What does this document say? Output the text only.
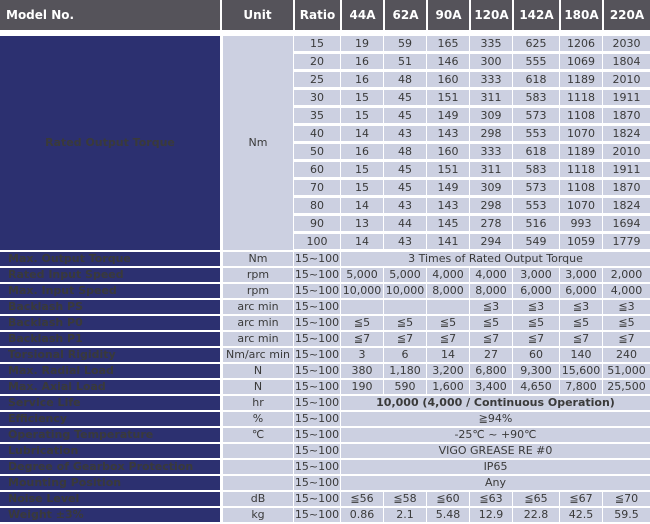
Model No.	Unit	Ratio	44A	62A	90A	120A	142A	180A	220A

Rated Output Torque	Nm	15	19	59	165	335	625	1206	2030
		20	16	51	146	300	555	1069	1804
		25	16	48	160	333	618	1189	2010
		30	15	45	151	311	583	1118	1911
		35	15	45	149	309	573	1108	1870
		40	14	43	143	298	553	1070	1824
		50	16	48	160	333	618	1189	2010
		60	15	45	151	311	583	1118	1911
		70	15	45	149	309	573	1108	1870
		80	14	43	143	298	553	1070	1824
		90	13	44	145	278	516	993	1694
		100	14	43	141	294	549	1059	1779
Max. Output Torque	Nm	15~100	3 Times of Rated Output Torque						
Rated Input Speed	rpm	15~100	5,000	5,000	4,000	4,000	3,000	3,000	2,000
Max. Input Speed	rpm	15~100	10,000	10,000	8,000	8,000	6,000	6,000	4,000
Backlash PS	arc min	15~100				≦3	≦3	≦3	≦3
Backlash P0	arc min	15~100	≦5	≦5	≦5	≦5	≦5	≦5	≦5
Backlash P1	arc min	15~100	≦7	≦7	≦7	≦7	≦7	≦7	≦7
Torsional Rigidity	Nm/arc min	15~100	3	6	14	27	60	140	240
Max. Radial Load	N	15~100	380	1,180	3,200	6,800	9,300	15,600	51,000
Max. Axial Load	N	15~100	190	590	1,600	3,400	4,650	7,800	25,500
Service Life	hr	15~100	10,000 (4,000 / Continuous Operation)						
Efficiency	%	15~100	≧94%						
Operating Temperature	℃	15~100	-25℃ ~ +90℃						
Lubrication		15~100	VIGO GREASE RE #0						
Degree of Gearbox Protection		15~100	IP65						
Mounting Position		15~100	Any						
Noise Level	dB	15~100	≦56	≦58	≦60	≦63	≦65	≦67	≦70
Weight ±3%	kg	15~100	0.86	2.1	5.48	12.9	22.8	42.5	59.5
